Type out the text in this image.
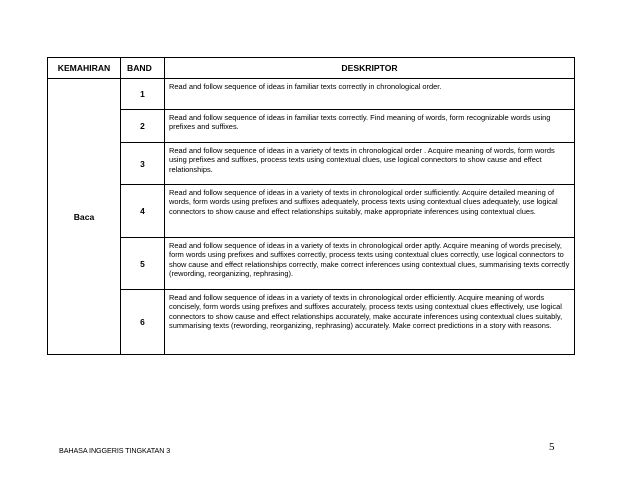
KEMAHIRAN	BAND	DESKRIPTOR
Baca	1	Read and follow sequence of ideas in familiar texts correctly in chronological order.
	2	Read and follow sequence of ideas in familiar texts correctly. Find meaning of words, form recognizable words using prefixes and suffixes.
	3	Read and follow sequence of ideas in a variety of texts in chronological order . Acquire meaning of words, form words using prefixes and suffixes, process texts using contextual clues, use logical connectors to show cause and effect relationships.
	4	Read and follow sequence of ideas in a variety of texts in chronological order sufficiently. Acquire detailed meaning of words, form words using prefixes and suffixes adequately, process texts using contextual clues adequately, use logical connectors to show cause and effect relationships suitably, make appropriate inferences using contextual clues.
	5	Read and follow sequence of ideas in a variety of texts in chronological order aptly. Acquire meaning of words precisely, form words using prefixes and suffixes correctly, process texts using contextual clues correctly, use logical connectors to show cause and effect relationships correctly, make correct inferences using contextual clues, summarising texts correctly (rewording, reorganizing, rephrasing).
	6	Read and follow sequence of ideas in a variety of texts in chronological order efficiently. Acquire meaning of words concisely, form words using prefixes and suffixes accurately, process texts using contextual clues effectively, use logical connectors to show cause and effect relationships accurately, make accurate inferences using contextual clues suitably, summarising texts (rewording, reorganizing, rephrasing) accurately. Make correct predictions in a story with reasons.
BAHASA INGGERIS TINGKATAN 3	5
